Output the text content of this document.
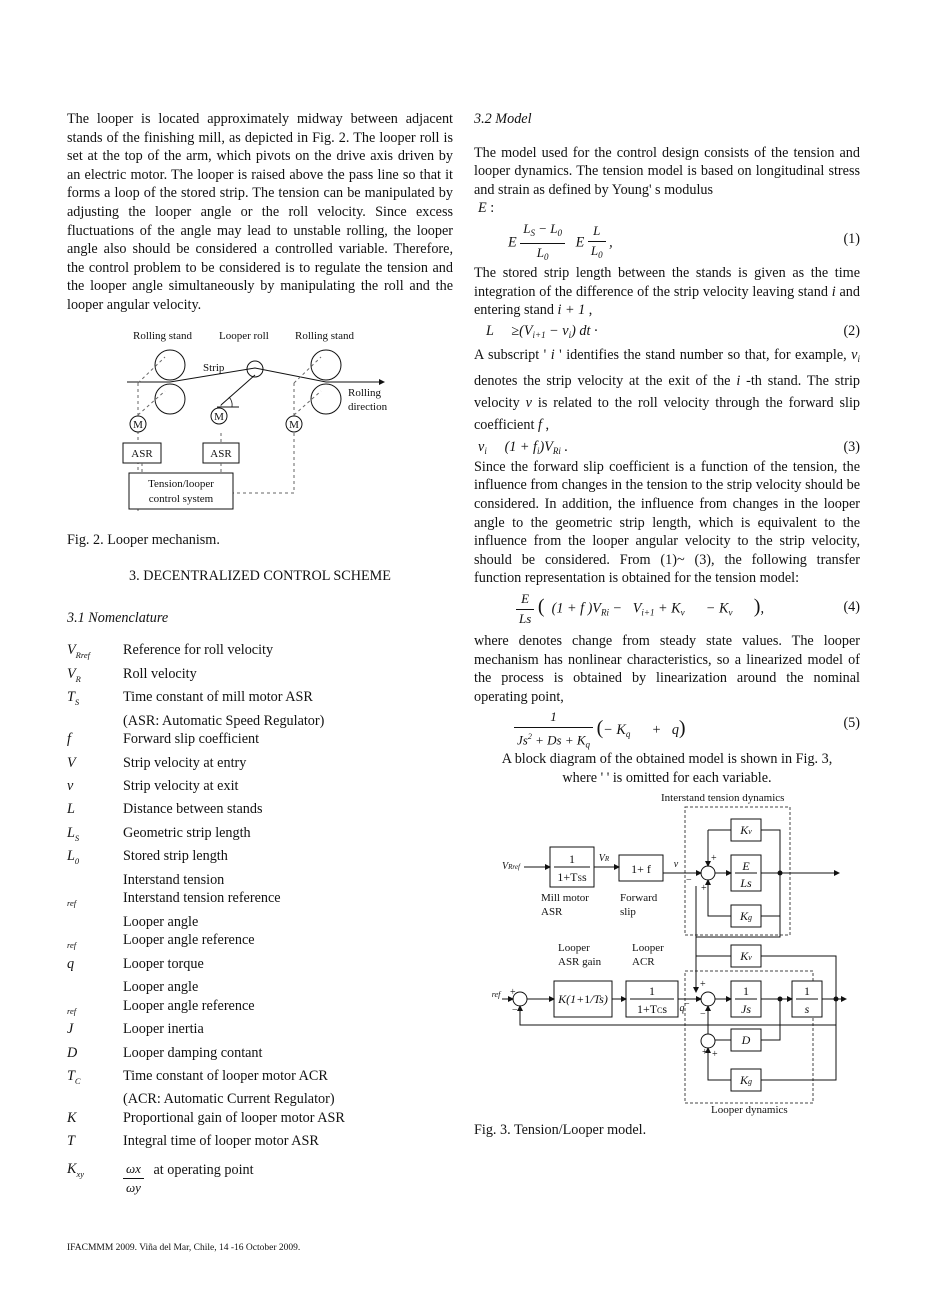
The looper is located approximately midway between adjacent stands of the finishing mill, as depicted in Fig. 2. The looper roll is set at the top of the arm, which pivots on the drive axis driven by an electric motor. The looper is raised above the pass line so that it forms a loop of the stored strip. The tension can be manipulated by adjusting the looper angle or the roll velocity. Since excess fluctuations of the angle may lead to unstable rolling, the looper angle also should be considered a controlled variable. Therefore, the control problem to be considered is to regulate the tension and the looper angle simultaneously by manipulating the roll and the looper angular velocity.

Rolling stand Looper roll Rolling stand
Strip
Rolling
direction
M
M
M
ASR	ASR
Tension/looper
control system

Fig. 2. Looper mechanism.

3. DECENTRALIZED CONTROL SCHEME

3.1 Nomenclature

$V_{Rref}$	Reference for roll velocity
$V_R$	Roll velocity
$T_S$	Time constant of mill motor ASR
(ASR: Automatic Speed Regulator)
f	Forward slip coefficient
V	Strip velocity at entry
v	Strip velocity at exit
L	Distance between stands
$L_S$	Geometric strip length
$L_0$	Stored strip length
Interstand tension
$_{ref}$	Interstand tension reference
Looper angle
$_{ref}$	Looper angle reference
q	Looper torque
Looper angle
$_{ref}$	Looper angle reference
J	Looper inertia
D	Looper damping contant
$T_C$	Time constant of looper motor ACR
(ACR: Automatic Current Regulator)
K	Proportional gain of looper motor ASR
T	Integral time of looper motor ASR
$K_{xy}$	$\frac{\omega x}{\omega y}$ at operating point

3.2 Model

The model used for the control design consists of the tension and looper dynamics. The tension model is based on longitudinal stress and strain as defined by Young' s modulus
E :

E $\frac{L_S - L_0}{L_0}$ E $\frac{L}{L_0}$ ,	(1)

The stored strip length between the stands is given as the time integration of the difference of the strip velocity leaving stand i and entering stand i + 1 ,

L     $\ge(V_{i+1} - v_i)$ dt ·	(2)

A subscript ' i ' identifies the stand number so that, for example, $v_i$ denotes the strip velocity at the exit of the i -th stand. The strip velocity v is related to the roll velocity through the forward slip coefficient f ,

$v_i$     $(1 + f_i)V_{Ri}$ .	(3)

Since the forward slip coefficient is a function of the tension, the influence from changes in the tension to the strip velocity should be considered. In addition, the influence from changes in the looper angle to the geometric strip length, which is equivalent to the influence from the looper angular velocity to the strip velocity, should be considered. From (1)~ (3), the following transfer function representation is obtained for the tension model:

$\frac{E}{Ls}$ (  (1 + f )$V_{Ri} - V_{i+1} + K_v$      − $K_v$ ),	(4)

where denotes change from steady state values. The looper mechanism has nonlinear characteristics, so a linearized model of the process is obtained by linearization around the nominal operating point,

$\frac{1}{Js^2 + Ds + K_q}$ (− $K_q$      +   q)	(5)

A block diagram of the obtained model is shown in Fig. 3,

where ' ' is omitted for each variable.

Interstand tension dynamics
Looper dynamics
Mill motor
ASR
Forward
slip
Looper
ASR gain
Looper
ACR
1
1+TSs
1+ f
Kv
E
Ls
Kg
Kv
K(1+1/Ts)
1
1+TCs
1
Js
1
s
D
Kg
VRref
VR	v
ref
q
+
−
+
+
−
+
−
−
+ +

Fig. 3. Tension/Looper model.

IFACMMM 2009. Viña del Mar, Chile, 14 -16 October 2009.
